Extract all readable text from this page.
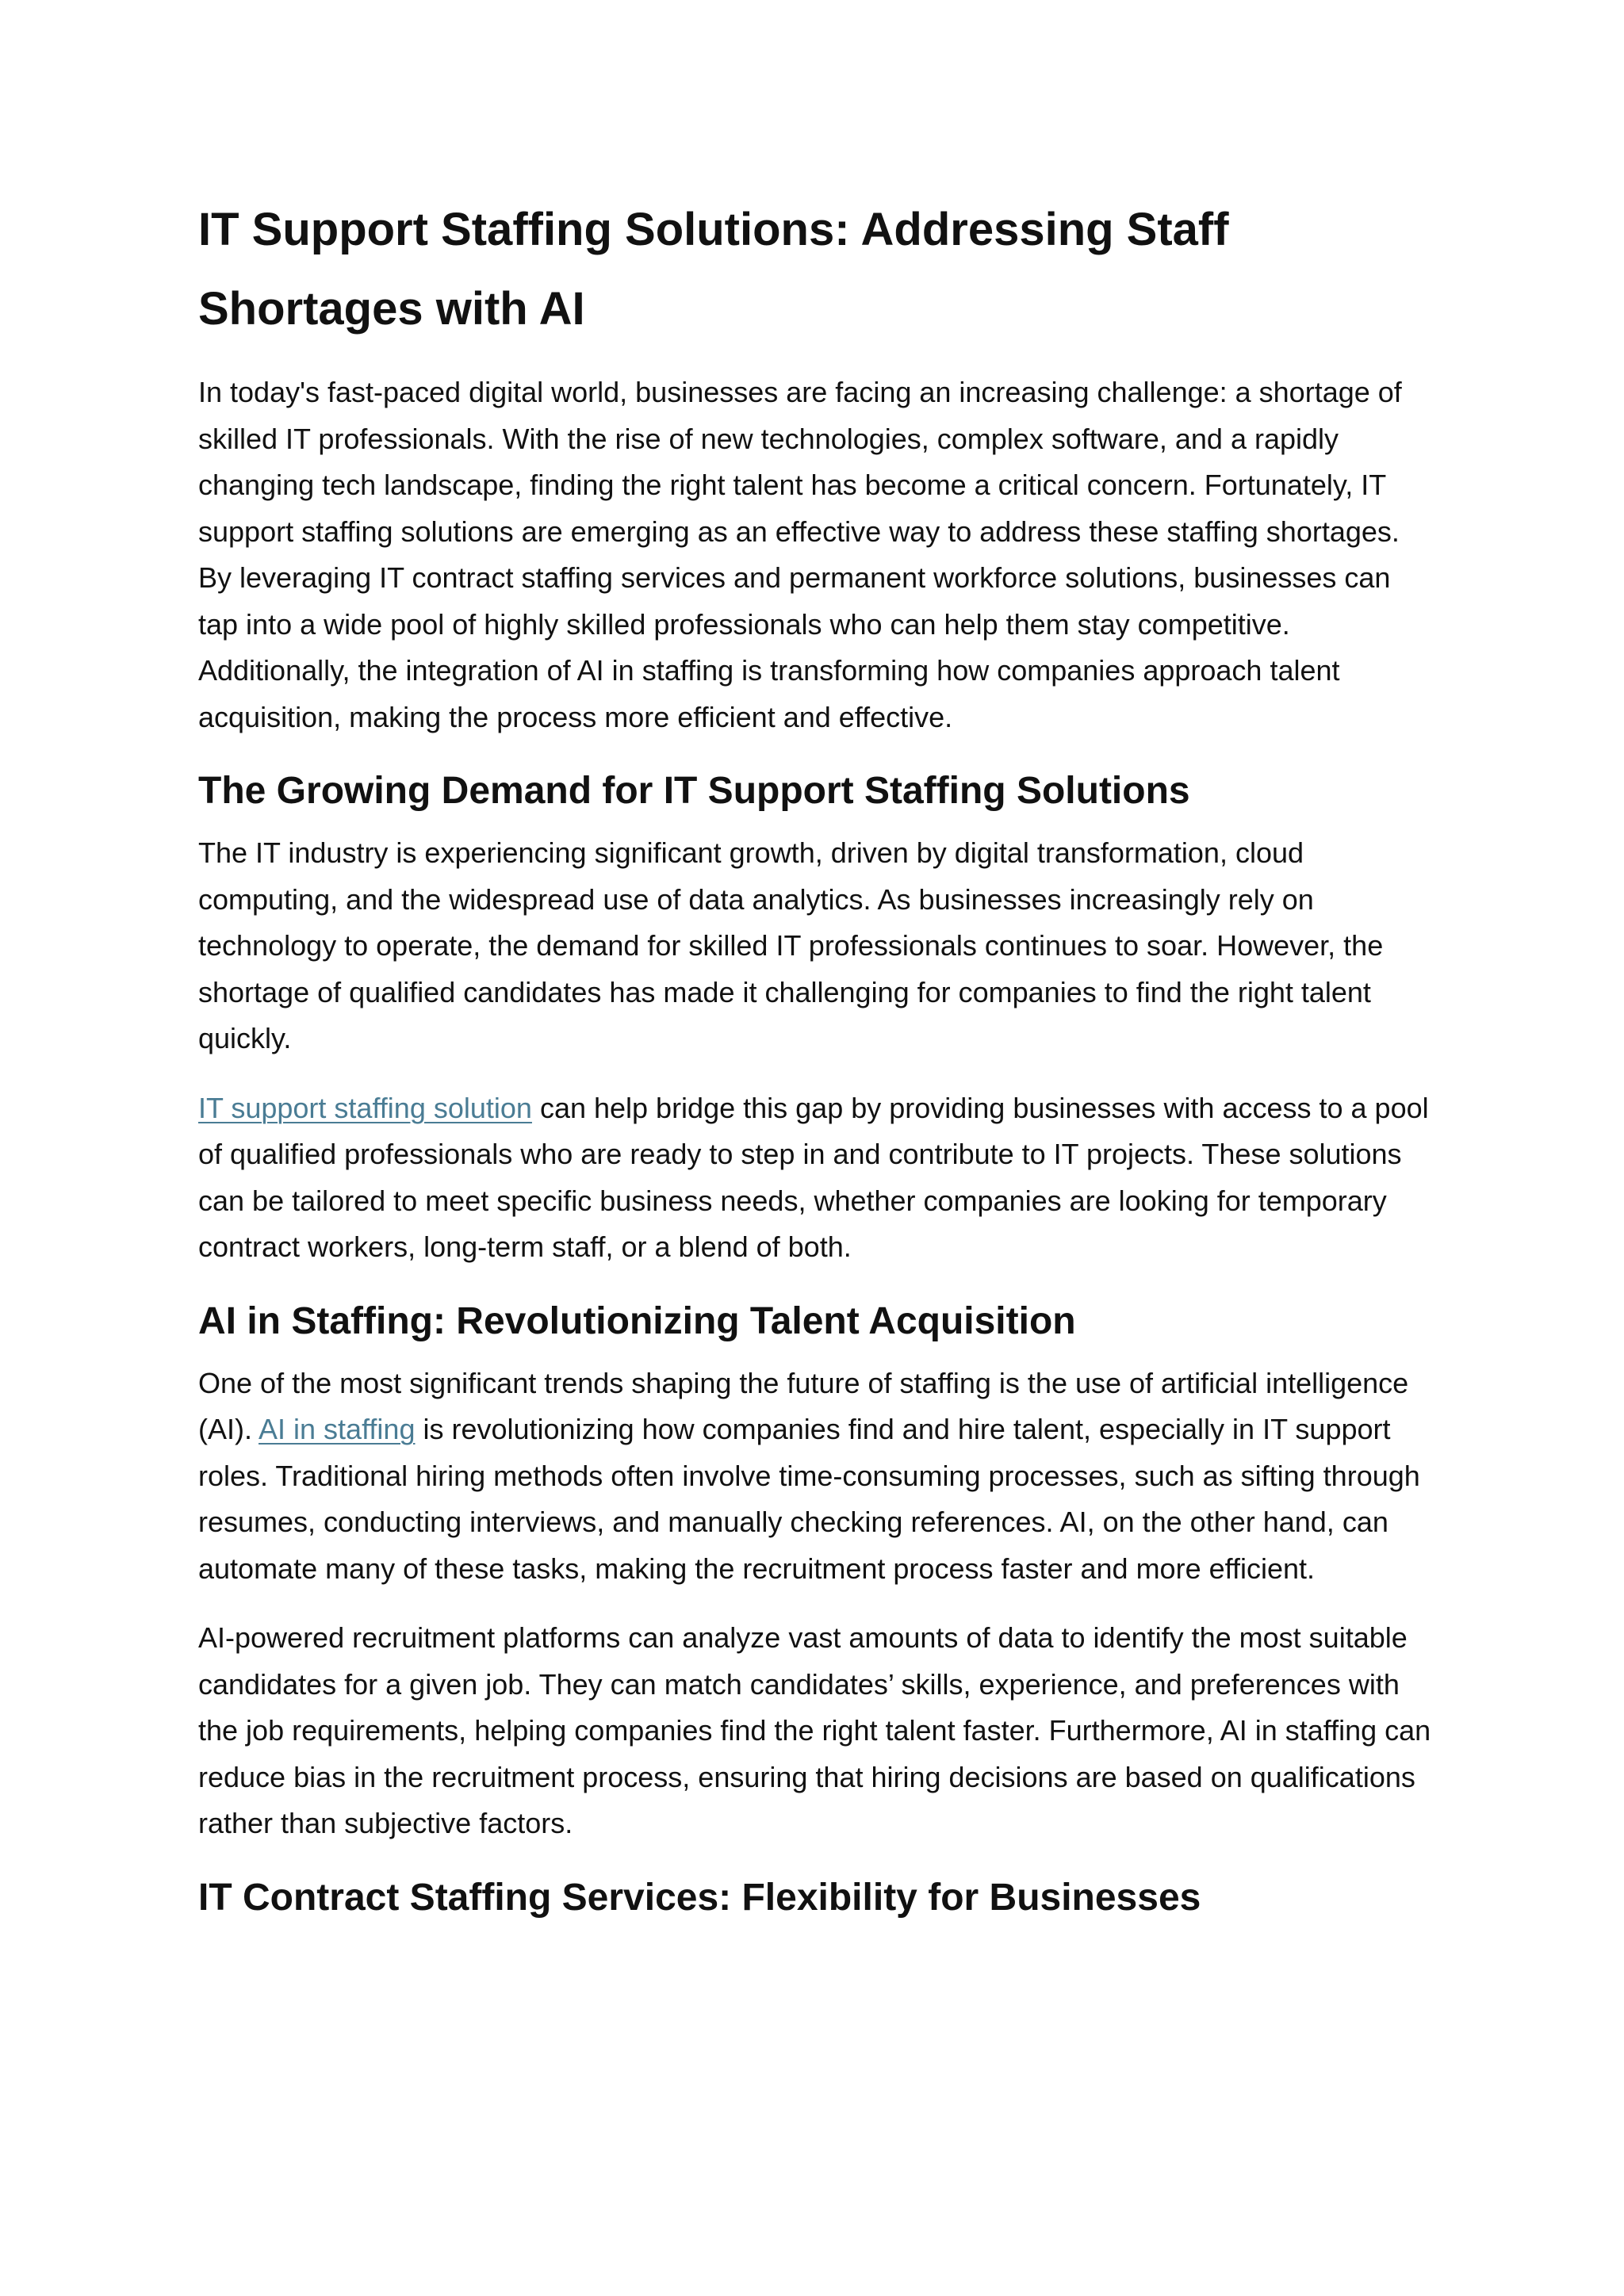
IT Support Staffing Solutions: Addressing Staff Shortages with AI

In today's fast-paced digital world, businesses are facing an increasing challenge: a shortage of skilled IT professionals. With the rise of new technologies, complex software, and a rapidly changing tech landscape, finding the right talent has become a critical concern. Fortunately, IT support staffing solutions are emerging as an effective way to address these staffing shortages. By leveraging IT contract staffing services and permanent workforce solutions, businesses can tap into a wide pool of highly skilled professionals who can help them stay competitive. Additionally, the integration of AI in staffing is transforming how companies approach talent acquisition, making the process more efficient and effective.

The Growing Demand for IT Support Staffing Solutions

The IT industry is experiencing significant growth, driven by digital transformation, cloud computing, and the widespread use of data analytics. As businesses increasingly rely on technology to operate, the demand for skilled IT professionals continues to soar. However, the shortage of qualified candidates has made it challenging for companies to find the right talent quickly.

IT support staffing solution can help bridge this gap by providing businesses with access to a pool of qualified professionals who are ready to step in and contribute to IT projects. These solutions can be tailored to meet specific business needs, whether companies are looking for temporary contract workers, long-term staff, or a blend of both.

AI in Staffing: Revolutionizing Talent Acquisition

One of the most significant trends shaping the future of staffing is the use of artificial intelligence (AI). AI in staffing is revolutionizing how companies find and hire talent, especially in IT support roles. Traditional hiring methods often involve time-consuming processes, such as sifting through resumes, conducting interviews, and manually checking references. AI, on the other hand, can automate many of these tasks, making the recruitment process faster and more efficient.

AI-powered recruitment platforms can analyze vast amounts of data to identify the most suitable candidates for a given job. They can match candidates’ skills, experience, and preferences with the job requirements, helping companies find the right talent faster. Furthermore, AI in staffing can reduce bias in the recruitment process, ensuring that hiring decisions are based on qualifications rather than subjective factors.

IT Contract Staffing Services: Flexibility for Businesses
